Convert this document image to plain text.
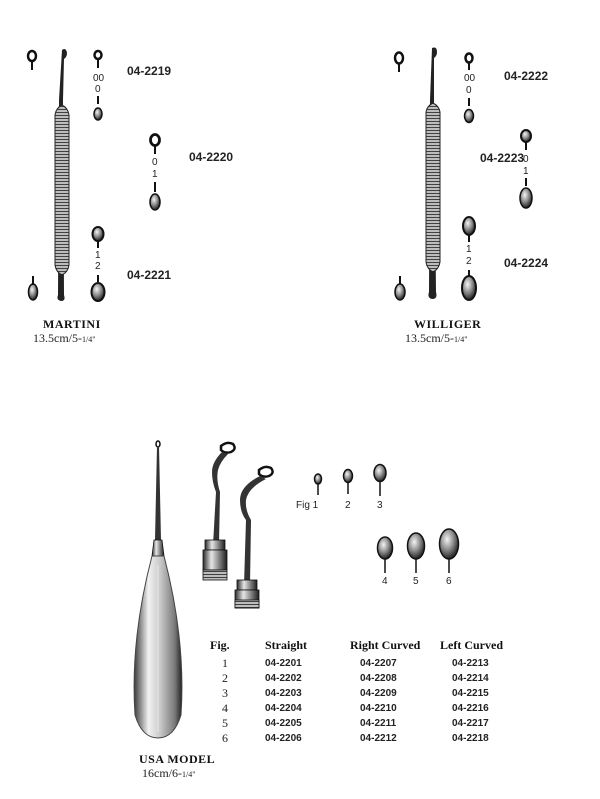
00
0
0
1
1
2
04-2219
04-2220
04-2221
MARTINI
13.5cm/5-1/4"
00
0
0
1
1
2
04-2222
04-2223
04-2224
WILLIGER
13.5cm/5-1/4"
Fig 1	2	3
4	5	6
USA MODEL
16cm/6-1/4"
Fig.	Straight	Right Curved	Left Curved
1	04-2201	04-2207	04-2213
2	04-2202	04-2208	04-2214
3	04-2203	04-2209	04-2215
4	04-2204	04-2210	04-2216
5	04-2205	04-2211	04-2217
6	04-2206	04-2212	04-2218
